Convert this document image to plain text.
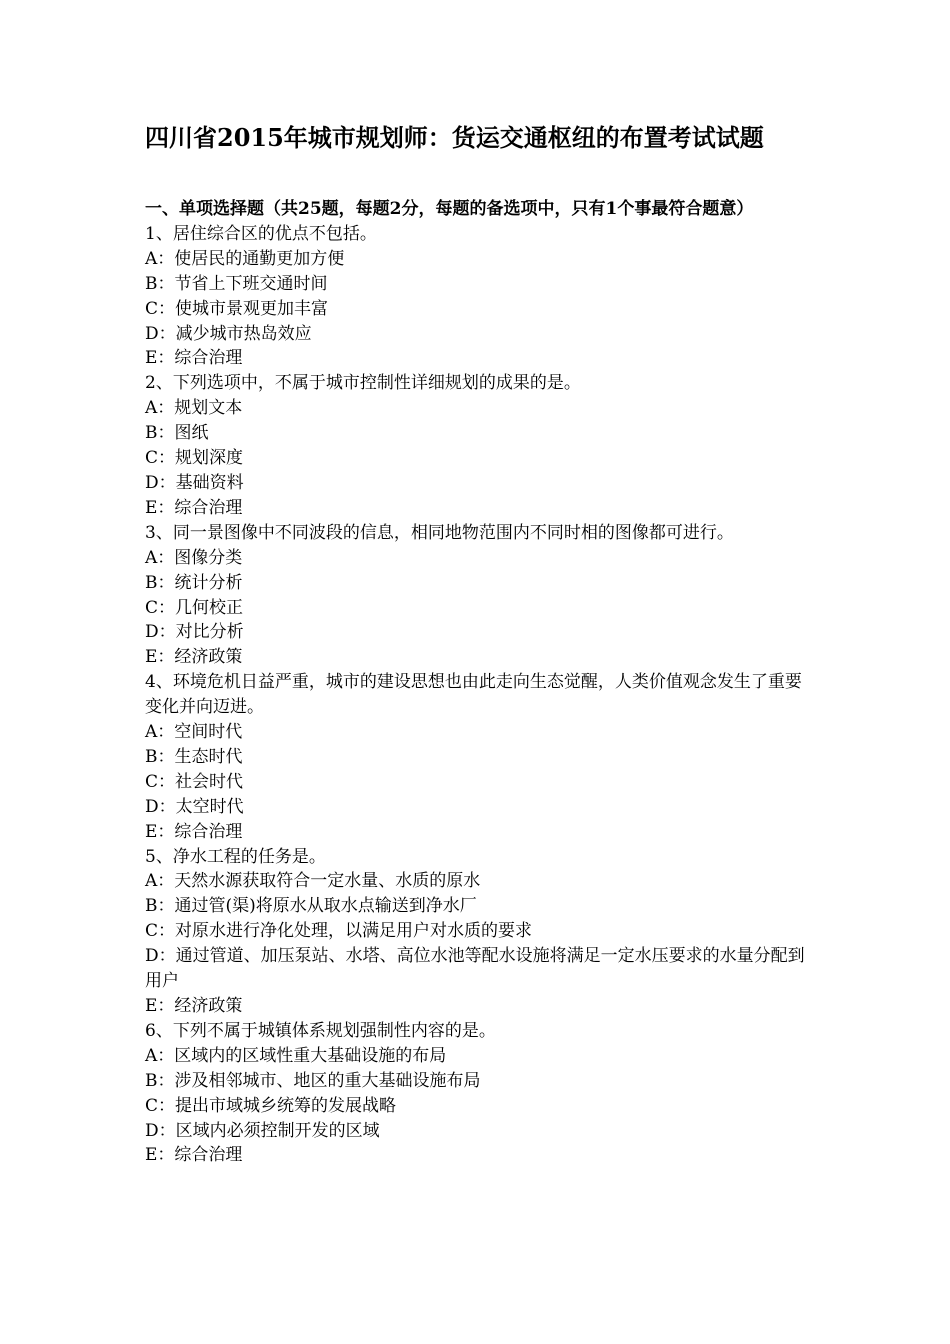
四川省2015年城市规划师：货运交通枢纽的布置考试试题

一、单项选择题（共25题，每题2分，每题的备选项中，只有1个事最符合题意）

1、居住综合区的优点不包括。

A：使居民的通勤更加方便

B：节省上下班交通时间

C：使城市景观更加丰富

D：减少城市热岛效应

E：综合治理

2、下列选项中，不属于城市控制性详细规划的成果的是。

A：规划文本

B：图纸

C：规划深度

D：基础资料

E：综合治理

3、同一景图像中不同波段的信息，相同地物范围内不同时相的图像都可进行。

A：图像分类

B：统计分析

C：几何校正

D：对比分析

E：经济政策

4、环境危机日益严重，城市的建设思想也由此走向生态觉醒，人类价值观念发生了重要变化并向迈进。

A：空间时代

B：生态时代

C：社会时代

D：太空时代

E：综合治理

5、净水工程的任务是。

A：天然水源获取符合一定水量、水质的原水

B：通过管(渠)将原水从取水点输送到净水厂

C：对原水进行净化处理，以满足用户对水质的要求

D：通过管道、加压泵站、水塔、高位水池等配水设施将满足一定水压要求的水量分配到用户

E：经济政策

6、下列不属于城镇体系规划强制性内容的是。

A：区域内的区域性重大基础设施的布局

B：涉及相邻城市、地区的重大基础设施布局

C：提出市域城乡统筹的发展战略

D：区域内必须控制开发的区域

E：综合治理
